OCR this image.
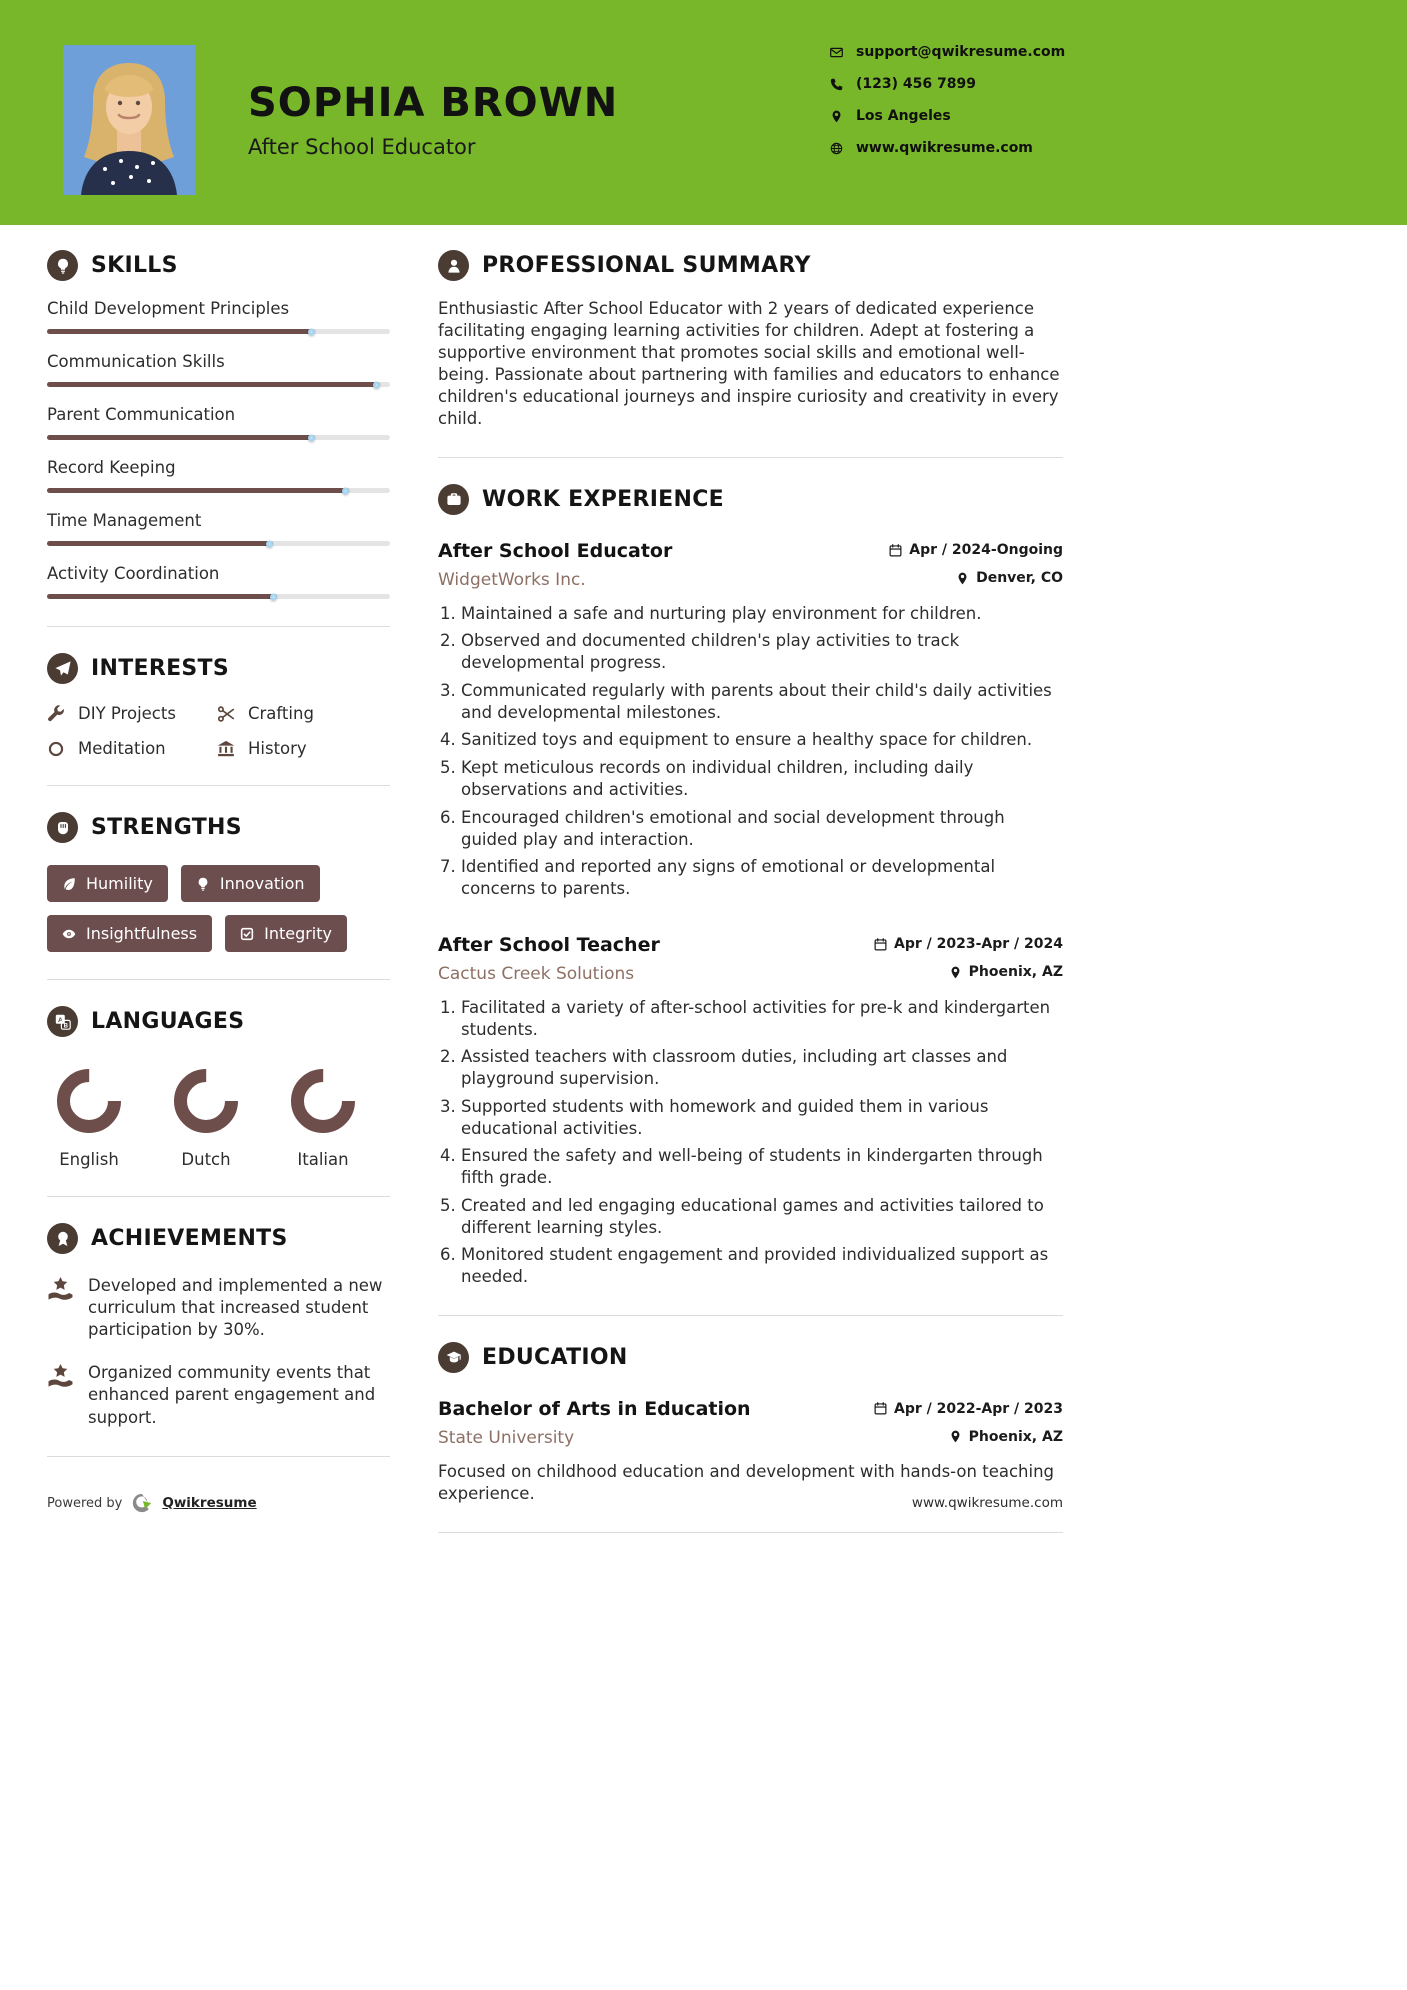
SOPHIA BROWN
After School Educator
support@qwikresume.com
(123) 456 7899
Los Angeles
www.qwikresume.com
SKILLS
Child Development Principles
Communication Skills
Parent Communication
Record Keeping
Time Management
Activity Coordination
INTERESTS
DIY Projects	Crafting
Meditation	History
STRENGTHS
Humility	Innovation
Insightfulness	Integrity
LANGUAGES
English	Dutch	Italian
ACHIEVEMENTS
Developed and implemented a new curriculum that increased student participation by 30%.
Organized community events that enhanced parent engagement and support.
PROFESSIONAL SUMMARY

Enthusiastic After School Educator with 2 years of dedicated experience facilitating engaging learning activities for children. Adept at fostering a supportive environment that promotes social skills and emotional well-being. Passionate about partnering with families and educators to enhance children's educational journeys and inspire curiosity and creativity in every child.

WORK EXPERIENCE
After School Educator	Apr / 2024-Ongoing
WidgetWorks Inc.	Denver, CO
1. Maintained a safe and nurturing play environment for children.
2. Observed and documented children's play activities to track developmental progress.
3. Communicated regularly with parents about their child's daily activities and developmental milestones.
4. Sanitized toys and equipment to ensure a healthy space for children.
5. Kept meticulous records on individual children, including daily observations and activities.
6. Encouraged children's emotional and social development through guided play and interaction.
7. Identified and reported any signs of emotional or developmental concerns to parents.
After School Teacher	Apr / 2023-Apr / 2024
Cactus Creek Solutions	Phoenix, AZ
1. Facilitated a variety of after-school activities for pre-k and kindergarten students.
2. Assisted teachers with classroom duties, including art classes and playground supervision.
3. Supported students with homework and guided them in various educational activities.
4. Ensured the safety and well-being of students in kindergarten through fifth grade.
5. Created and led engaging educational games and activities tailored to different learning styles.
6. Monitored student engagement and provided individualized support as needed.
EDUCATION
Bachelor of Arts in Education	Apr / 2022-Apr / 2023
State University	Phoenix, AZ

Focused on childhood education and development with hands-on teaching experience.

Powered by	Qwikresume	www.qwikresume.com
